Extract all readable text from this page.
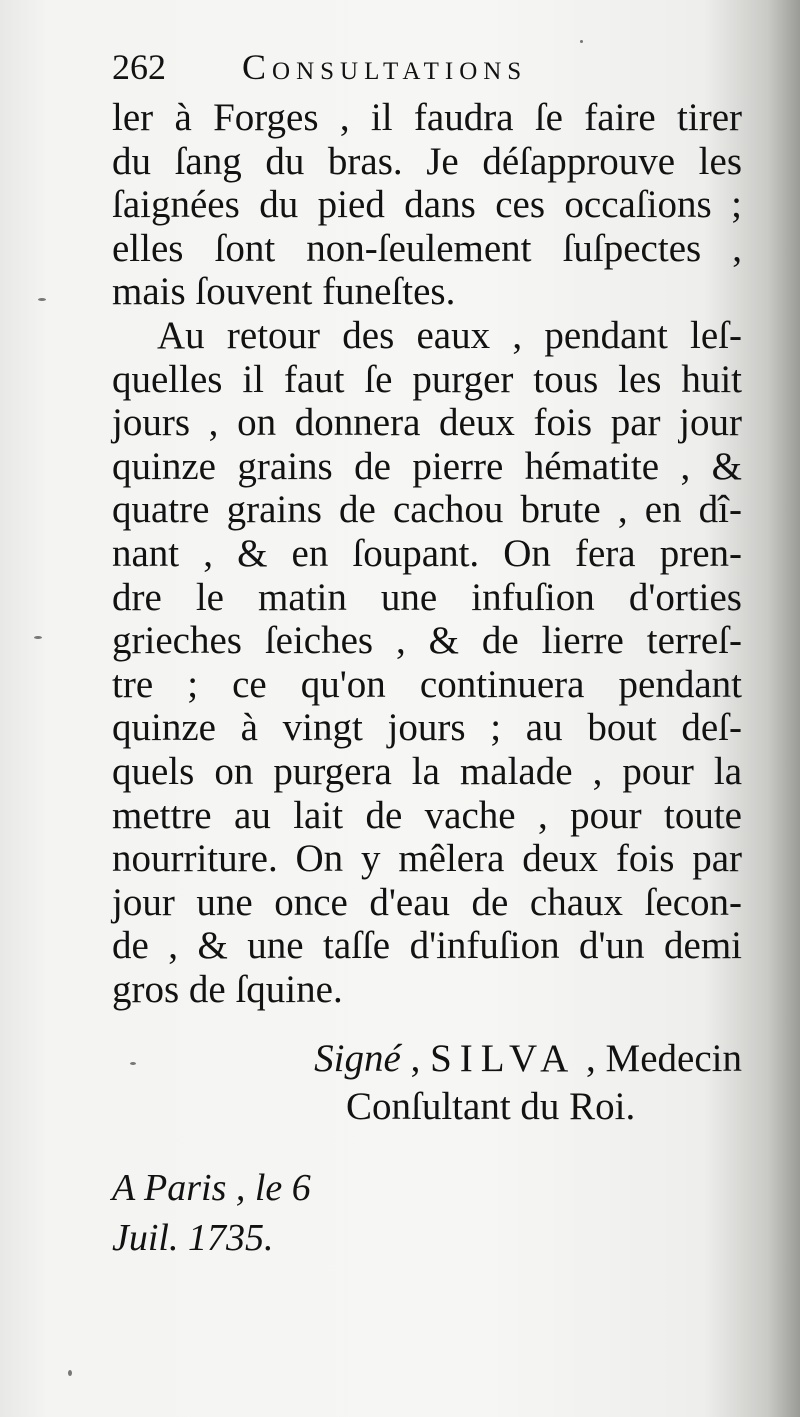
262 Consultations
ler à Forges , il faudra ſe faire tirer
du ſang du bras. Je déſapprouve les
ſaignées du pied dans ces occaſions ;
elles ſont non-ſeulement ſuſpectes ,
mais ſouvent funeſtes.
Au retour des eaux , pendant leſ-
quelles il faut ſe purger tous les huit
jours , on donnera deux fois par jour
quinze grains de pierre hématite , &
quatre grains de cachou brute , en dî-
nant , & en ſoupant. On fera pren-
dre le matin une infuſion d'orties
grieches ſeiches , & de lierre terreſ-
tre ; ce qu'on continuera pendant
quinze à vingt jours ; au bout deſ-
quels on purgera la malade , pour la
mettre au lait de vache , pour toute
nourriture. On y mêlera deux fois par
jour une once d'eau de chaux ſecon-
de , & une taſſe d'infuſion d'un demi
gros de ſquine.
Signé , SILVA , Medecin
Conſultant du Roi.
A Paris , le 6
Juil. 1735.
